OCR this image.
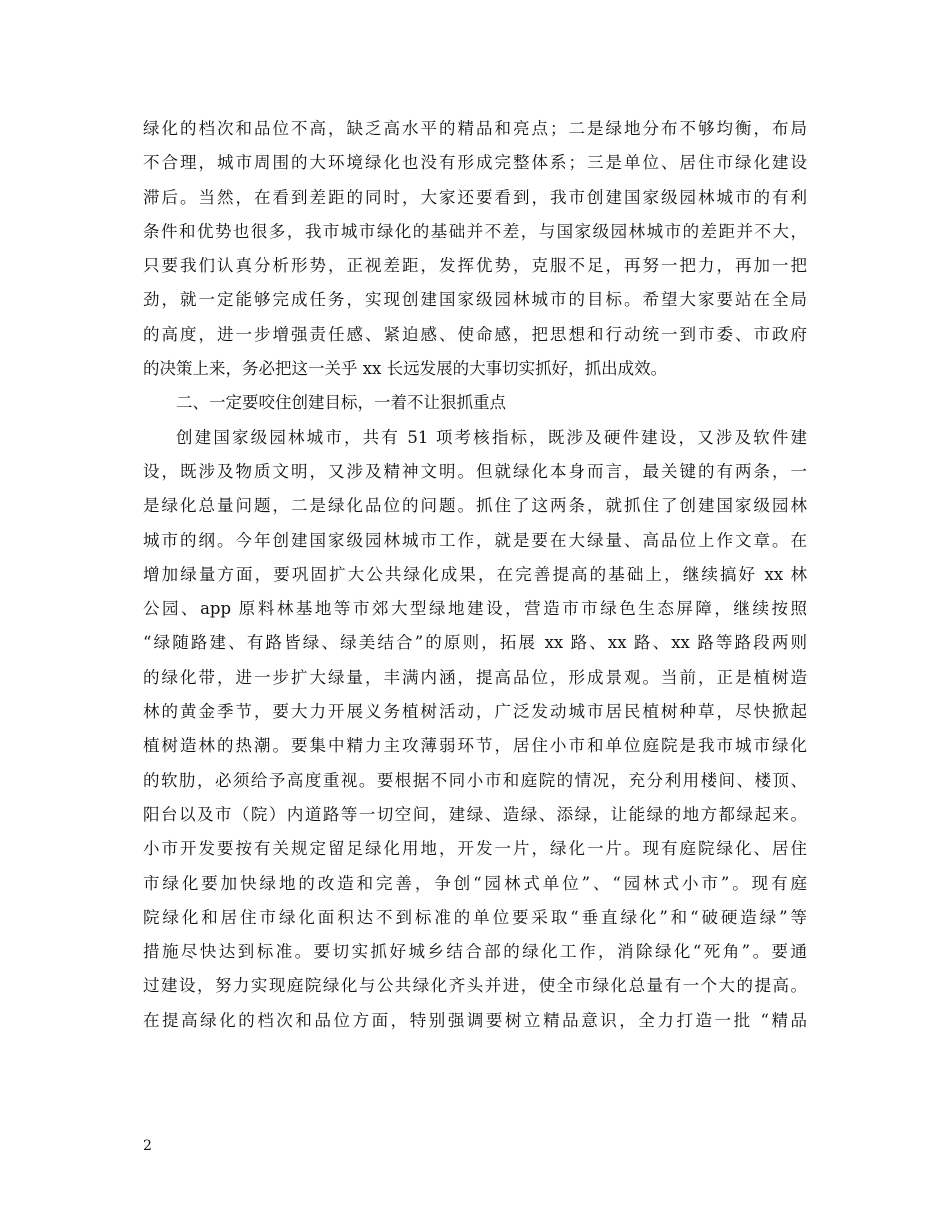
绿化的档次和品位不高，缺乏高水平的精品和亮点；二是绿地分布不够均衡，布局
不合理，城市周围的大环境绿化也没有形成完整体系；三是单位、居住市绿化建设
滞后。当然，在看到差距的同时，大家还要看到，我市创建国家级园林城市的有利
条件和优势也很多，我市城市绿化的基础并不差，与国家级园林城市的差距并不大，
只要我们认真分析形势，正视差距，发挥优势，克服不足，再努一把力，再加一把
劲，就一定能够完成任务，实现创建国家级园林城市的目标。希望大家要站在全局
的高度，进一步增强责任感、紧迫感、使命感，把思想和行动统一到市委、市政府
的决策上来，务必把这一关乎 xx 长远发展的大事切实抓好，抓出成效。
二、一定要咬住创建目标，一着不让狠抓重点
创建国家级园林城市，共有 51 项考核指标，既涉及硬件建设，又涉及软件建
设，既涉及物质文明，又涉及精神文明。但就绿化本身而言，最关键的有两条，一
是绿化总量问题，二是绿化品位的问题。抓住了这两条，就抓住了创建国家级园林
城市的纲。今年创建国家级园林城市工作，就是要在大绿量、高品位上作文章。在
增加绿量方面，要巩固扩大公共绿化成果，在完善提高的基础上，继续搞好 xx 林
公园、app 原料林基地等市郊大型绿地建设，营造市市绿色生态屏障，继续按照
“绿随路建、有路皆绿、绿美结合”的原则，拓展 xx 路、xx 路、xx 路等路段两则
的绿化带，进一步扩大绿量，丰满内涵，提高品位，形成景观。当前，正是植树造
林的黄金季节，要大力开展义务植树活动，广泛发动城市居民植树种草，尽快掀起
植树造林的热潮。要集中精力主攻薄弱环节，居住小市和单位庭院是我市城市绿化
的软肋，必须给予高度重视。要根据不同小市和庭院的情况，充分利用楼间、楼顶、
阳台以及市（院）内道路等一切空间，建绿、造绿、添绿，让能绿的地方都绿起来。
小市开发要按有关规定留足绿化用地，开发一片，绿化一片。现有庭院绿化、居住
市绿化要加快绿地的改造和完善，争创“园林式单位”、“园林式小市”。现有庭
院绿化和居住市绿化面积达不到标准的单位要采取“垂直绿化”和“破硬造绿”等
措施尽快达到标准。要切实抓好城乡结合部的绿化工作，消除绿化“死角”。要通
过建设，努力实现庭院绿化与公共绿化齐头并进，使全市绿化总量有一个大的提高。
在提高绿化的档次和品位方面，特别强调要树立精品意识，全力打造一批 “精品
2
